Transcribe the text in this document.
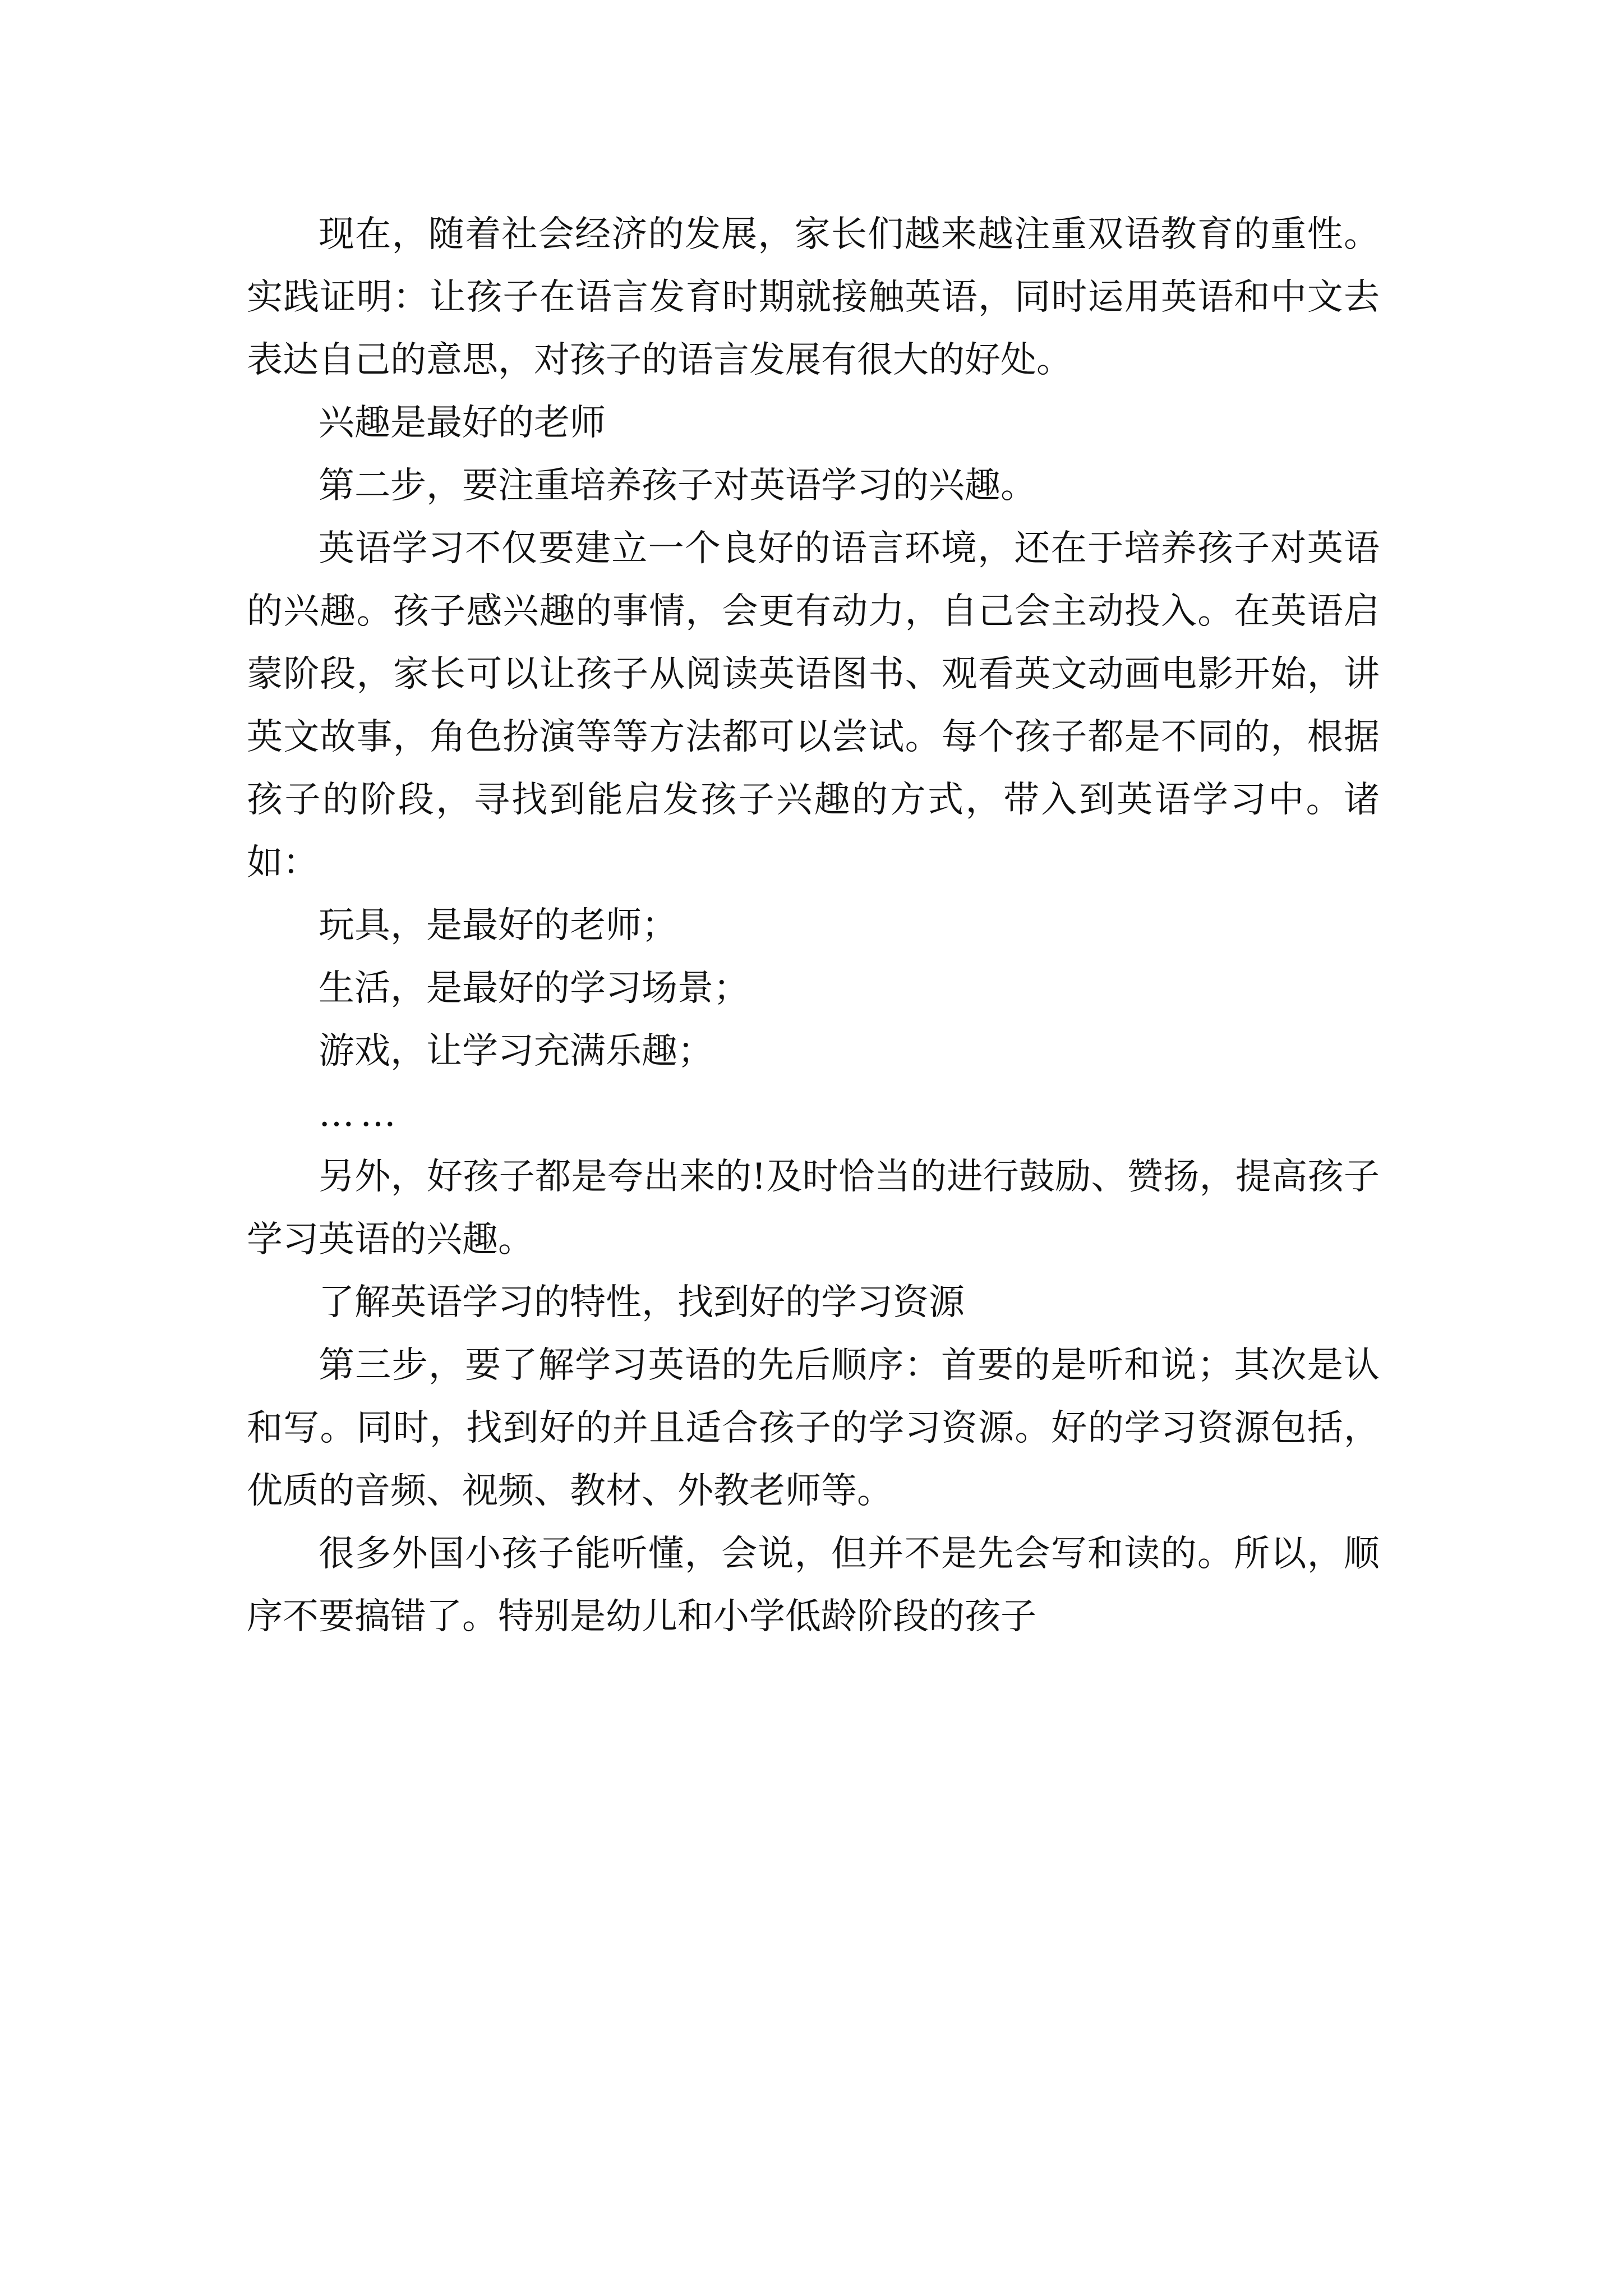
现在，随着社会经济的发展，家长们越来越注重双语教育的重性。实践证明：让孩子在语言发育时期就接触英语，同时运用英语和中文去表达自己的意思，对孩子的语言发展有很大的好处。

兴趣是最好的老师

第二步，要注重培养孩子对英语学习的兴趣。

英语学习不仅要建立一个良好的语言环境，还在于培养孩子对英语的兴趣。孩子感兴趣的事情，会更有动力，自己会主动投入。在英语启蒙阶段，家长可以让孩子从阅读英语图书、观看英文动画电影开始，讲英文故事，角色扮演等等方法都可以尝试。每个孩子都是不同的，根据孩子的阶段，寻找到能启发孩子兴趣的方式，带入到英语学习中。诸如：

玩具，是最好的老师；

生活，是最好的学习场景；

游戏，让学习充满乐趣；

……

另外，好孩子都是夸出来的!及时恰当的进行鼓励、赞扬，提高孩子学习英语的兴趣。

了解英语学习的特性，找到好的学习资源

第三步，要了解学习英语的先后顺序：首要的是听和说；其次是认和写。同时，找到好的并且适合孩子的学习资源。好的学习资源包括，优质的音频、视频、教材、外教老师等。

很多外国小孩子能听懂，会说，但并不是先会写和读的。所以，顺序不要搞错了。特别是幼儿和小学低龄阶段的孩子
